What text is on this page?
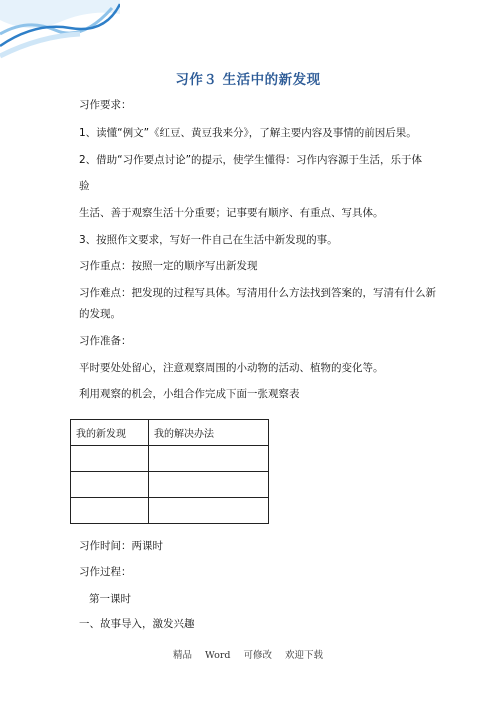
习作３ 生活中的新发现
习作要求：
1、读懂“例文”《红豆、黄豆我来分》，了解主要内容及事情的前因后果。
2、借助“习作要点讨论”的提示，使学生懂得：习作内容源于生活，乐于体
验
生活、善于观察生活十分重要；记事要有顺序、有重点、写具体。
3、按照作文要求，写好一件自己在生活中新发现的事。
习作重点：按照一定的顺序写出新发现
习作难点：把发现的过程写具体。写清用什么方法找到答案的，写清有什么新
的发现。
习作准备：
平时要处处留心，注意观察周围的小动物的活动、植物的变化等。
利用观察的机会，小组合作完成下面一张观察表
我的新发现	我的解决办法

习作时间：两课时
习作过程：
第一课时
一、故事导入，激发兴趣
精品 Word 可修改 欢迎下载
